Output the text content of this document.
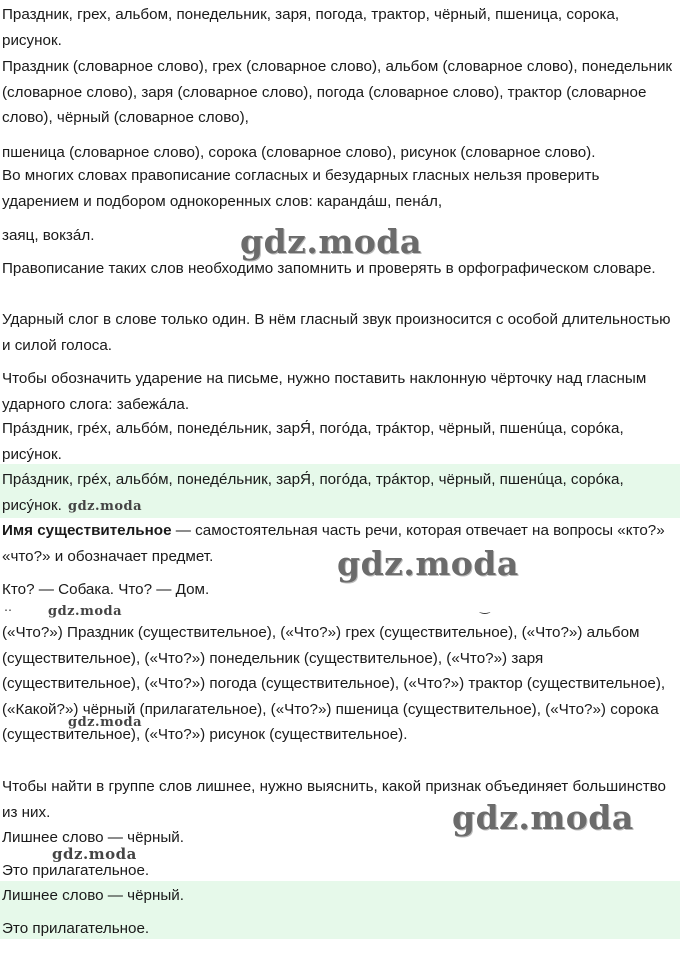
Праздник, грех, альбом, понедельник, заря, погода, трактор, чёрный, пшеница, сорока, рисунок.
Праздник (словарное слово), грех (словарное слово), альбом (словарное слово), понедельник (словарное слово), заря (словарное слово), погода (словарное слово), трактор (словарное слово), чёрный (словарное слово),
пшеница (словарное слово), сорока (словарное слово), рисунок (словарное слово).
Во многих словах правописание согласных и безударных гласных нельзя проверить ударением и подбором однокоренных слов: карандáш, пенáл,
заяц, вокзáл.
Правописание таких слов необходимо запомнить и проверять в орфографическом словаре.
Ударный слог в слове только один. В нём гласный звук произносится с особой длительностью и силой голоса.
Чтобы обозначить ударение на письме, нужно поставить наклонную чёрточку над гласным ударного слога: забежáла.
Прáздник, грéх, альбóм, понедéльник, зарЯ́, погóда, трáктор, чёрный, пшенúца, сорóка, рисýнок.
Прáздник, грéх, альбóм, понедéльник, зарЯ́, погóда, трáктор, чёрный, пшенúца, сорóка, рисýнок.
Имя существительное — самостоятельная часть речи, которая отвечает на вопросы «кто?» «что?» и обозначает предмет.
Кто? — Собака. Что? — Дом.
‥	‿
(«Что?») Праздник (существительное), («Что?») грех (существительное), («Что?») альбом (существительное), («Что?») понедельник (существительное), («Что?») заря (существительное), («Что?») погода (существительное), («Что?») трактор (существительное), («Какой?») чёрный (прилагательное), («Что?») пшеница (существительное), («Что?») сорока (существительное), («Что?») рисунок (существительное).
Чтобы найти в группе слов лишнее, нужно выяснить, какой признак объединяет большинство из них.
Лишнее слово — чёрный.
Это прилагательное.
Лишнее слово — чёрный.
Это прилагательное.
gdz.moda
gdz.moda
gdz.moda
gdz.moda
gdz.moda
gdz.moda
gdz.moda
